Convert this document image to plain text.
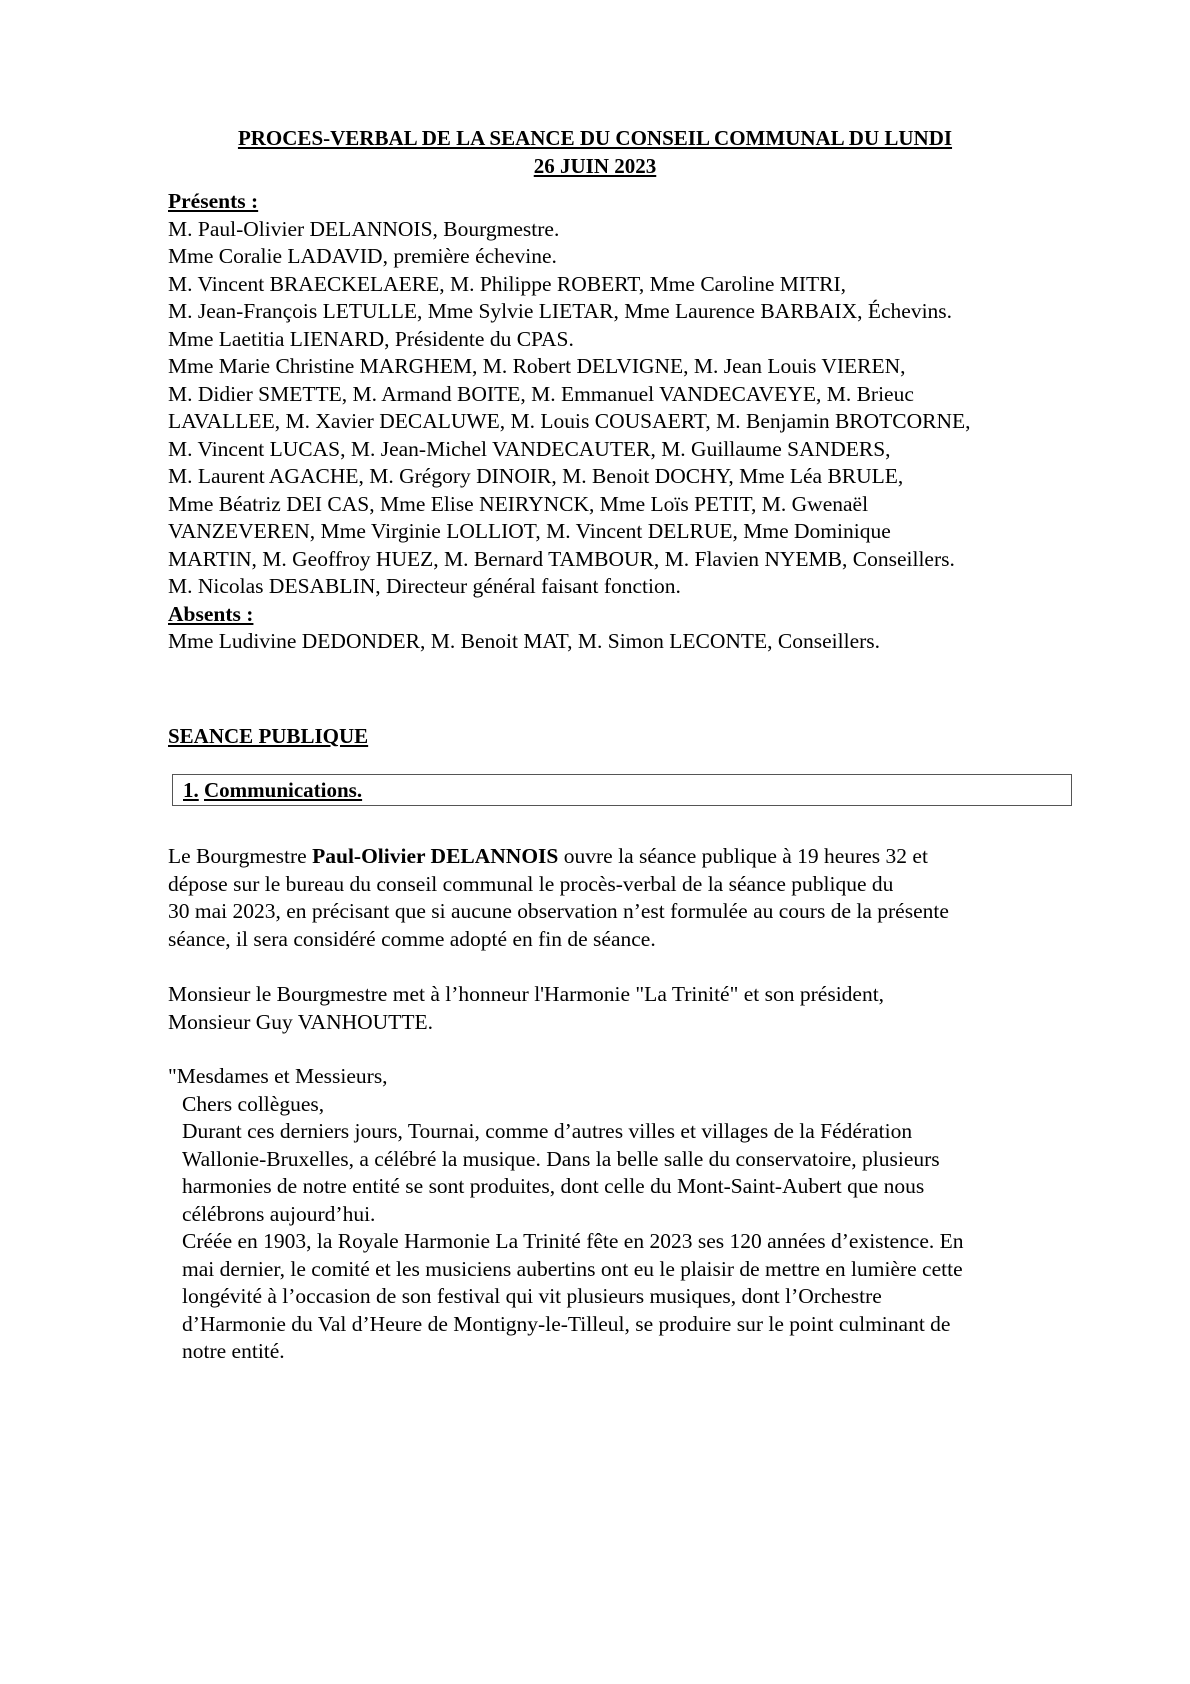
PROCES-VERBAL DE LA SEANCE DU CONSEIL COMMUNAL DU LUNDI
26 JUIN 2023
Présents :
M. Paul-Olivier DELANNOIS, Bourgmestre.
Mme Coralie LADAVID, première échevine.
M. Vincent BRAECKELAERE, M. Philippe ROBERT, Mme Caroline MITRI,
M. Jean-François LETULLE, Mme Sylvie LIETAR, Mme Laurence BARBAIX, Échevins.
Mme Laetitia LIENARD, Présidente du CPAS.
Mme Marie Christine MARGHEM, M. Robert DELVIGNE, M. Jean Louis VIEREN,
M. Didier SMETTE, M. Armand BOITE, M. Emmanuel VANDECAVEYE, M. Brieuc
LAVALLEE, M. Xavier DECALUWE, M. Louis COUSAERT, M. Benjamin BROTCORNE,
M. Vincent LUCAS, M. Jean-Michel VANDECAUTER, M. Guillaume SANDERS,
M. Laurent AGACHE, M. Grégory DINOIR, M. Benoit DOCHY, Mme Léa BRULE,
Mme Béatriz DEI CAS, Mme Elise NEIRYNCK, Mme Loïs PETIT, M. Gwenaël
VANZEVEREN, Mme Virginie LOLLIOT, M. Vincent DELRUE, Mme Dominique
MARTIN, M. Geoffroy HUEZ, M. Bernard TAMBOUR, M. Flavien NYEMB, Conseillers.
M. Nicolas DESABLIN, Directeur général faisant fonction.
Absents :
Mme Ludivine DEDONDER, M. Benoit MAT, M. Simon LECONTE, Conseillers.
SEANCE PUBLIQUE
1. Communications.
Le Bourgmestre Paul-Olivier DELANNOIS ouvre la séance publique à 19 heures 32 et
dépose sur le bureau du conseil communal le procès-verbal de la séance publique du
30 mai 2023, en précisant que si aucune observation n’est formulée au cours de la présente
séance, il sera considéré comme adopté en fin de séance.
Monsieur le Bourgmestre met à l’honneur l'Harmonie "La Trinité" et son président,
Monsieur Guy VANHOUTTE.
"Mesdames et Messieurs,
Chers collègues,
Durant ces derniers jours, Tournai, comme d’autres villes et villages de la Fédération
Wallonie-Bruxelles, a célébré la musique. Dans la belle salle du conservatoire, plusieurs
harmonies de notre entité se sont produites, dont celle du Mont-Saint-Aubert que nous
célébrons aujourd’hui.
Créée en 1903, la Royale Harmonie La Trinité fête en 2023 ses 120 années d’existence. En
mai dernier, le comité et les musiciens aubertins ont eu le plaisir de mettre en lumière cette
longévité à l’occasion de son festival qui vit plusieurs musiques, dont l’Orchestre
d’Harmonie du Val d’Heure de Montigny-le-Tilleul, se produire sur le point culminant de
notre entité.
